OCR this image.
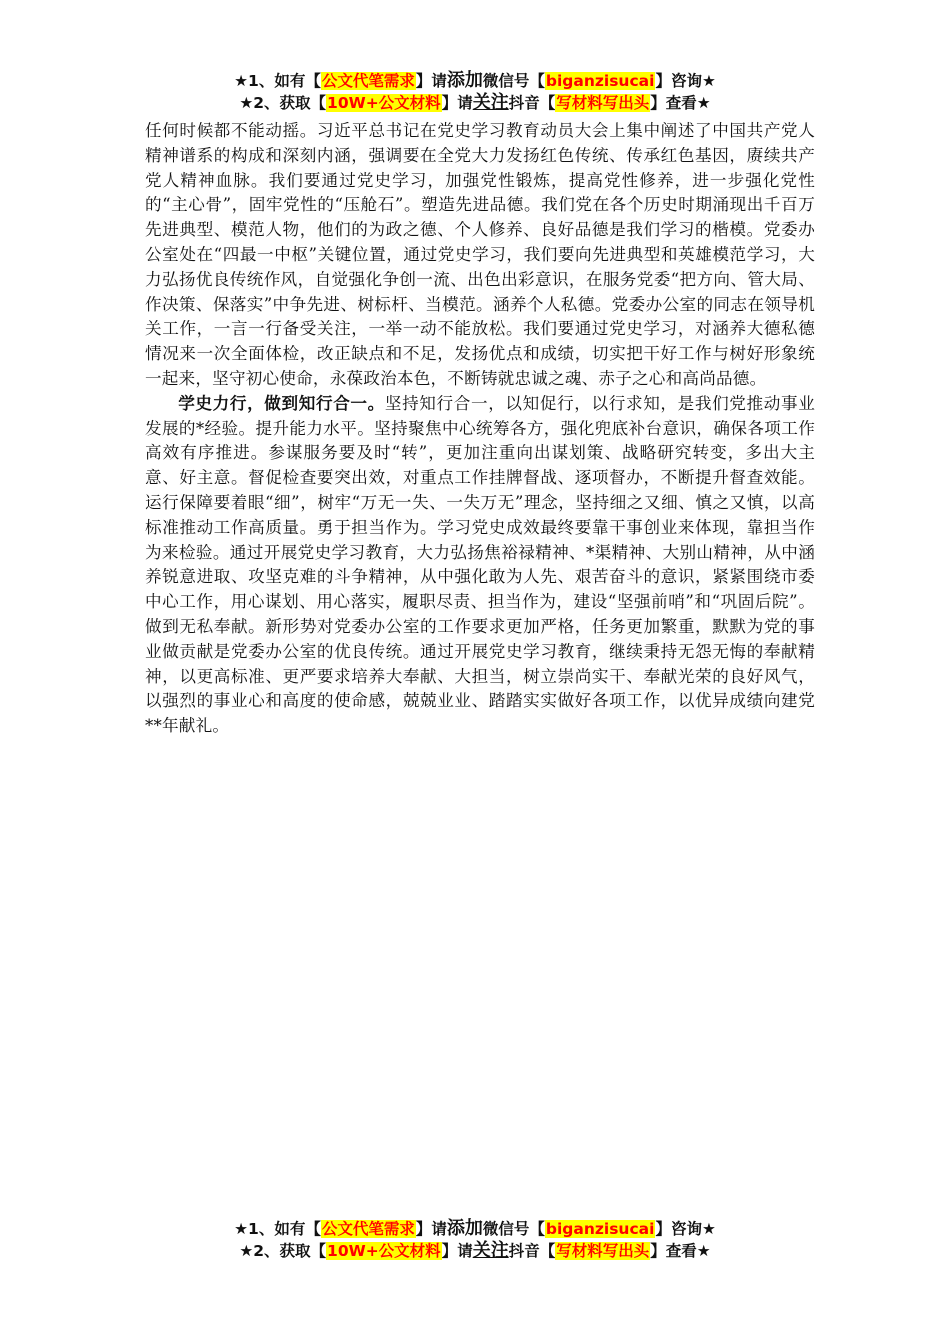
★1、如有【公文代笔需求】请添加微信号【biganzisucai】咨询★
★2、获取【10W+公文材料】请关注抖音【写材料写出头】查看★

任何时候都不能动摇。习近平总书记在党史学习教育动员大会上集中阐述了中国共产党人精神谱系的构成和深刻内涵，强调要在全党大力发扬红色传统、传承红色基因，赓续共产党人精神血脉。我们要通过党史学习，加强党性锻炼，提高党性修养，进一步强化党性的“主心骨”，固牢党性的“压舱石”。塑造先进品德。我们党在各个历史时期涌现出千百万先进典型、模范人物，他们的为政之德、个人修养、良好品德是我们学习的楷模。党委办公室处在“四最一中枢”关键位置，通过党史学习，我们要向先进典型和英雄模范学习，大力弘扬优良传统作风，自觉强化争创一流、出色出彩意识，在服务党委“把方向、管大局、作决策、保落实”中争先进、树标杆、当模范。涵养个人私德。党委办公室的同志在领导机关工作，一言一行备受关注，一举一动不能放松。我们要通过党史学习，对涵养大德私德情况来一次全面体检，改正缺点和不足，发扬优点和成绩，切实把干好工作与树好形象统一起来，坚守初心使命，永葆政治本色，不断铸就忠诚之魂、赤子之心和高尚品德。

学史力行，做到知行合一。坚持知行合一，以知促行，以行求知，是我们党推动事业发展的*经验。提升能力水平。坚持聚焦中心统筹各方，强化兜底补台意识，确保各项工作高效有序推进。参谋服务要及时“转”，更加注重向出谋划策、战略研究转变，多出大主意、好主意。督促检查要突出效，对重点工作挂牌督战、逐项督办，不断提升督查效能。运行保障要着眼“细”，树牢“万无一失、一失万无”理念，坚持细之又细、慎之又慎，以高标准推动工作高质量。勇于担当作为。学习党史成效最终要靠干事创业来体现，靠担当作为来检验。通过开展党史学习教育，大力弘扬焦裕禄精神、*渠精神、大别山精神，从中涵养锐意进取、攻坚克难的斗争精神，从中强化敢为人先、艰苦奋斗的意识，紧紧围绕市委中心工作，用心谋划、用心落实，履职尽责、担当作为，建设“坚强前哨”和“巩固后院”。做到无私奉献。新形势对党委办公室的工作要求更加严格，任务更加繁重，默默为党的事业做贡献是党委办公室的优良传统。通过开展党史学习教育，继续秉持无怨无悔的奉献精神，以更高标准、更严要求培养大奉献、大担当，树立崇尚实干、奉献光荣的良好风气，以强烈的事业心和高度的使命感，兢兢业业、踏踏实实做好各项工作，以优异成绩向建党**年献礼。

★1、如有【公文代笔需求】请添加微信号【biganzisucai】咨询★
★2、获取【10W+公文材料】请关注抖音【写材料写出头】查看★
